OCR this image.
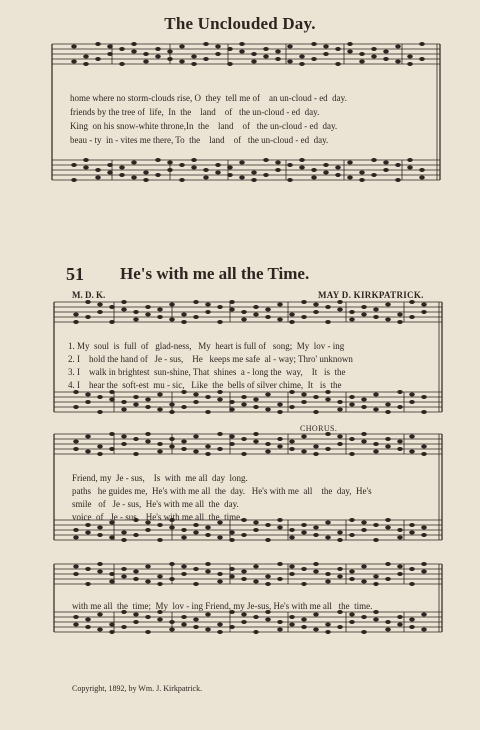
The Unclouded Day.
home where no storm-clouds rise, O  they  tell me of    an un-cloud - ed  day.
friends by the tree of  life,  In  the    land    of   the un-cloud - ed  day.
King  on his snow-white throne,In  the    land    of   the un-cloud - ed  day.
beau - ty  in - vites me there, To  the    land    of   the un-cloud - ed  day.
51 He's with me all the Time.
M. D. K.	MAY D. KIRKPATRICK.
1. My  soul  is  full  of   glad-ness,   My  heart is full of   song;  My  lov - ing
2. I    hold the hand of   Je - sus,    He   keeps me safe  al - way; Thro' unknown
3. I    walk in brightest  sun-shine, That  shines  a - long the  way,    It   is  the
4. I    hear the  soft-est  mu - sic,   Like  the  bells of silver chime,  It   is  the
CHORUS.
Friend, my  Je - sus,    Is  with  me all  day  long.
paths   he guides me,  He's with me all  the  day.   He's with me  all    the  day,  He's
smile   of   Je - sus,  He's with me all  the  day.
voice  of   Je - sus,   He's with me all  the  time.
with me all  the  time;  My  lov - ing Friend, my Je-sus, He's with me all   the  time.
Copyright, 1892, by Wm. J. Kirkpatrick.
